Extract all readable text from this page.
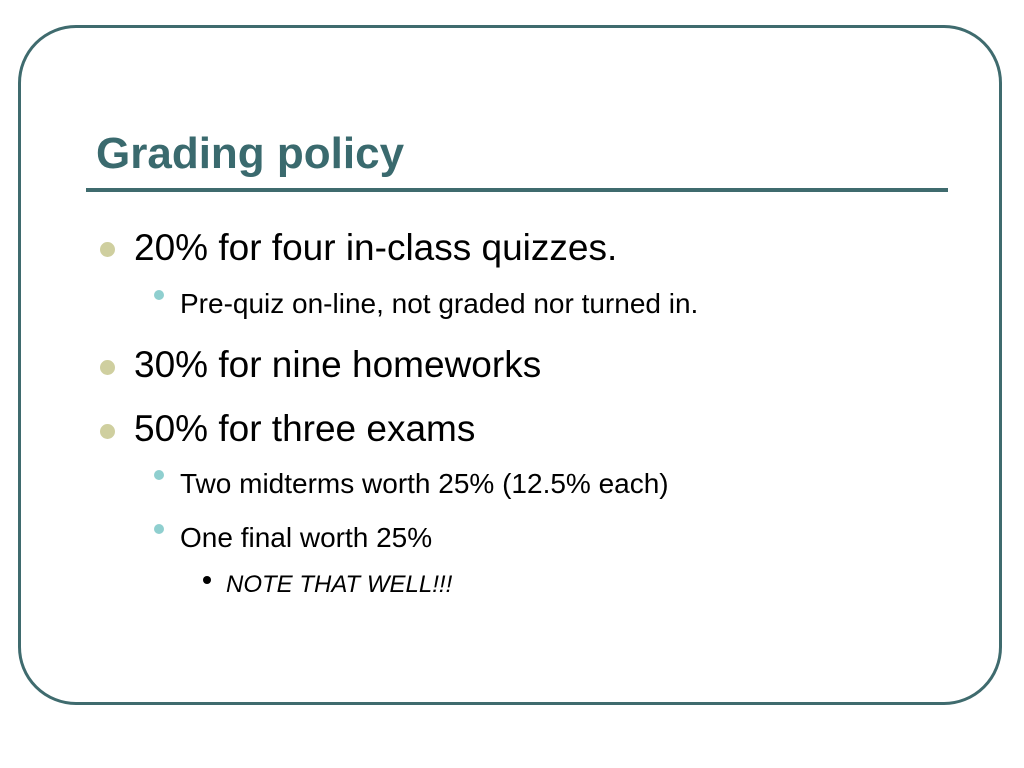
Grading policy
20% for four in-class quizzes.
Pre-quiz on-line, not graded nor turned in.
30% for nine homeworks
50% for three exams
Two midterms worth 25% (12.5% each)
One final worth 25%
NOTE THAT WELL!!!
